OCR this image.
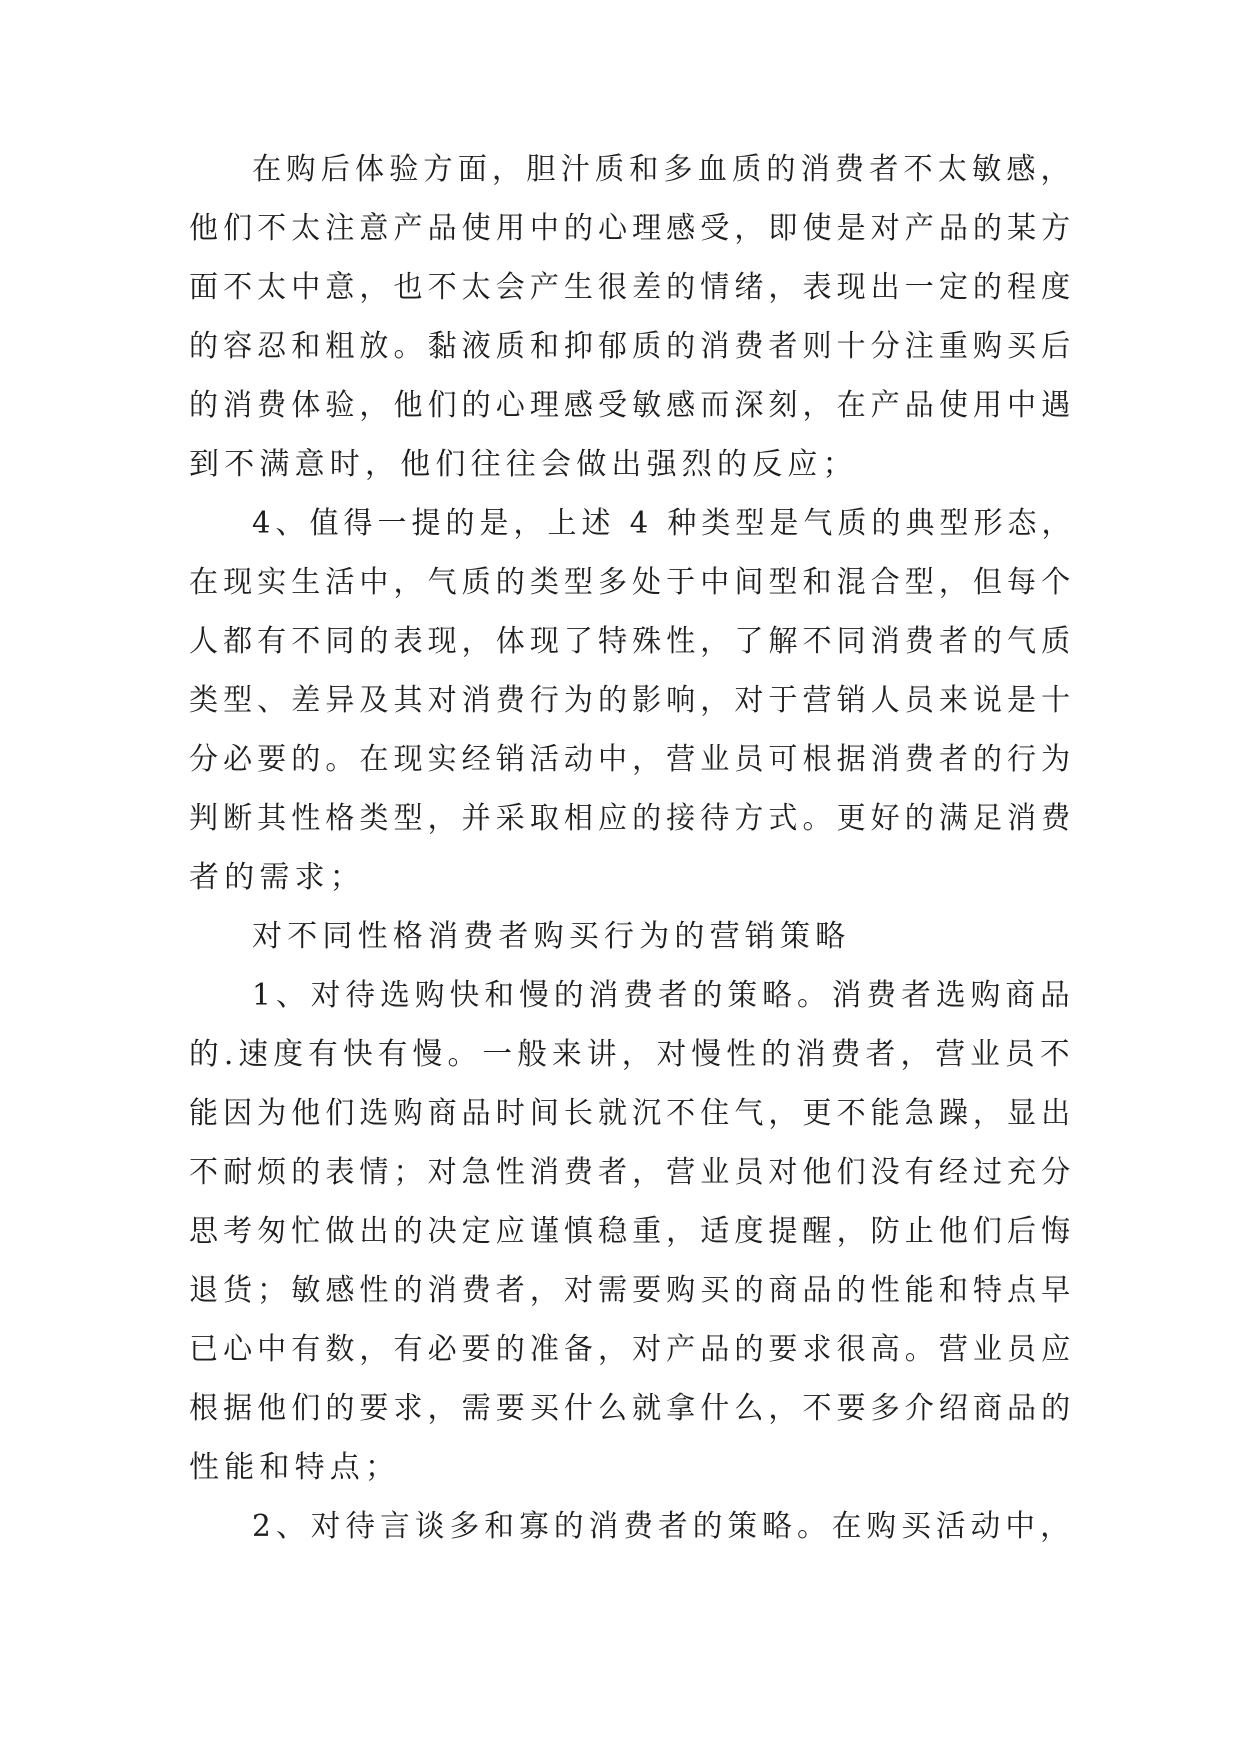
在购后体验方面，胆汁质和多血质的消费者不太敏感，
他们不太注意产品使用中的心理感受，即使是对产品的某方
面不太中意，也不太会产生很差的情绪，表现出一定的程度
的容忍和粗放。黏液质和抑郁质的消费者则十分注重购买后
的消费体验，他们的心理感受敏感而深刻，在产品使用中遇
到不满意时，他们往往会做出强烈的反应；
4、值得一提的是，上述 4 种类型是气质的典型形态，
在现实生活中，气质的类型多处于中间型和混合型，但每个
人都有不同的表现，体现了特殊性，了解不同消费者的气质
类型、差异及其对消费行为的影响，对于营销人员来说是十
分必要的。在现实经销活动中，营业员可根据消费者的行为
判断其性格类型，并采取相应的接待方式。更好的满足消费
者的需求；
对不同性格消费者购买行为的营销策略
1、对待选购快和慢的消费者的策略。消费者选购商品
的.速度有快有慢。一般来讲，对慢性的消费者，营业员不
能因为他们选购商品时间长就沉不住气，更不能急躁，显出
不耐烦的表情；对急性消费者，营业员对他们没有经过充分
思考匆忙做出的决定应谨慎稳重，适度提醒，防止他们后悔
退货；敏感性的消费者，对需要购买的商品的性能和特点早
已心中有数，有必要的准备，对产品的要求很高。营业员应
根据他们的要求，需要买什么就拿什么，不要多介绍商品的
性能和特点；
2、对待言谈多和寡的消费者的策略。在购买活动中，
